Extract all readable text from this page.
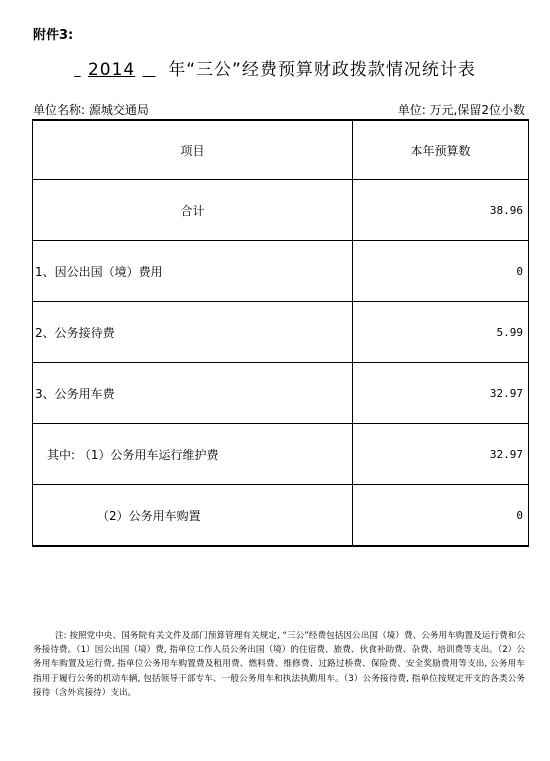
附件3:
2014 年“三公”经费预算财政拨款情况统计表
单位名称: 源城交通局	单位: 万元,保留2位小数
项目	本年预算数
合计	38.96
1、因公出国（境）费用	0
2、公务接待费	5.99
3、公务用车费	32.97
其中: （1）公务用车运行维护费	32.97
（2）公务用车购置	0
注: 按照党中央、国务院有关文件及部门预算管理有关规定, “三公”经费包括因公出国（境）费、公务用车购置及运行费和公务接待费。（1）因公出国（境）费, 指单位工作人员公务出国（境）的住宿费、旅费、伙食补助费、杂费、培训费等支出。（2）公务用车购置及运行费, 指单位公务用车购置费及租用费、燃料费、维修费、过路过桥费、保险费、安全奖励费用等支出, 公务用车指用于履行公务的机动车辆, 包括领导干部专车、一般公务用车和执法执勤用车。（3）公务接待费, 指单位按规定开支的各类公务接待（含外宾接待）支出。
